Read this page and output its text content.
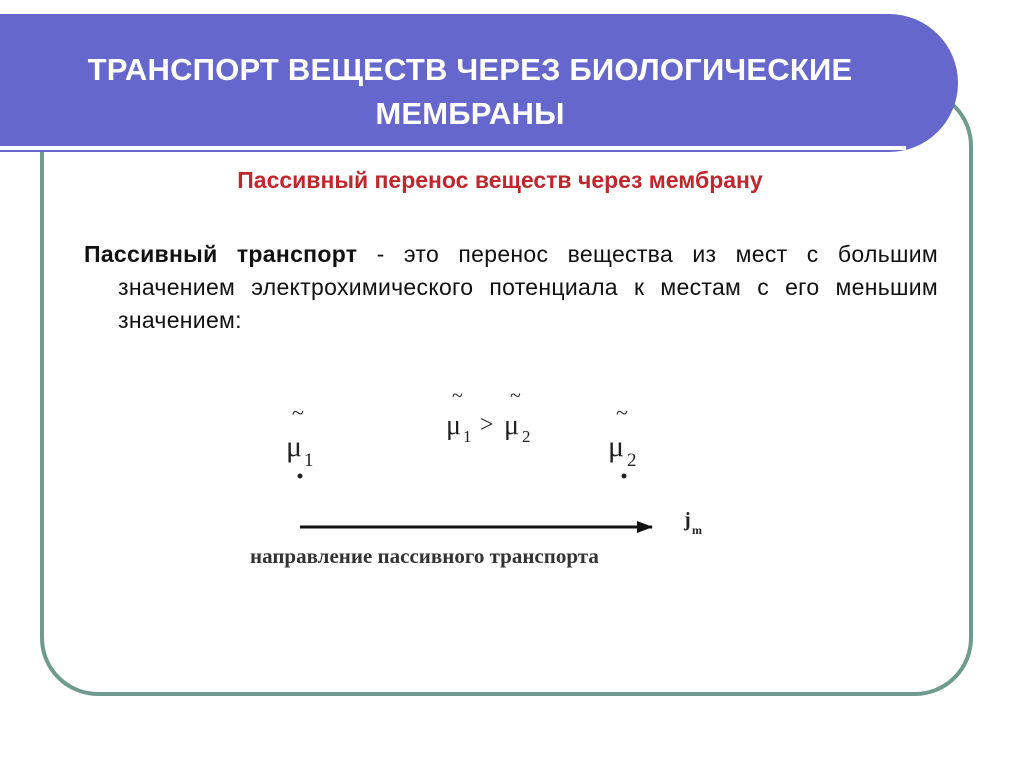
ТРАНСПОРТ ВЕЩЕСТВ ЧЕРЕЗ БИОЛОГИЧЕСКИЕ МЕМБРАНЫ
Пассивный перенос веществ через мембрану
Пассивный транспорт - это перенос вещества из мест с большим значением электрохимического потенциала к местам с его меньшим значением:
~
μ 1
~
μ 1 >
~
μ 2
~
μ 2
j m
направление пассивного транспорта
